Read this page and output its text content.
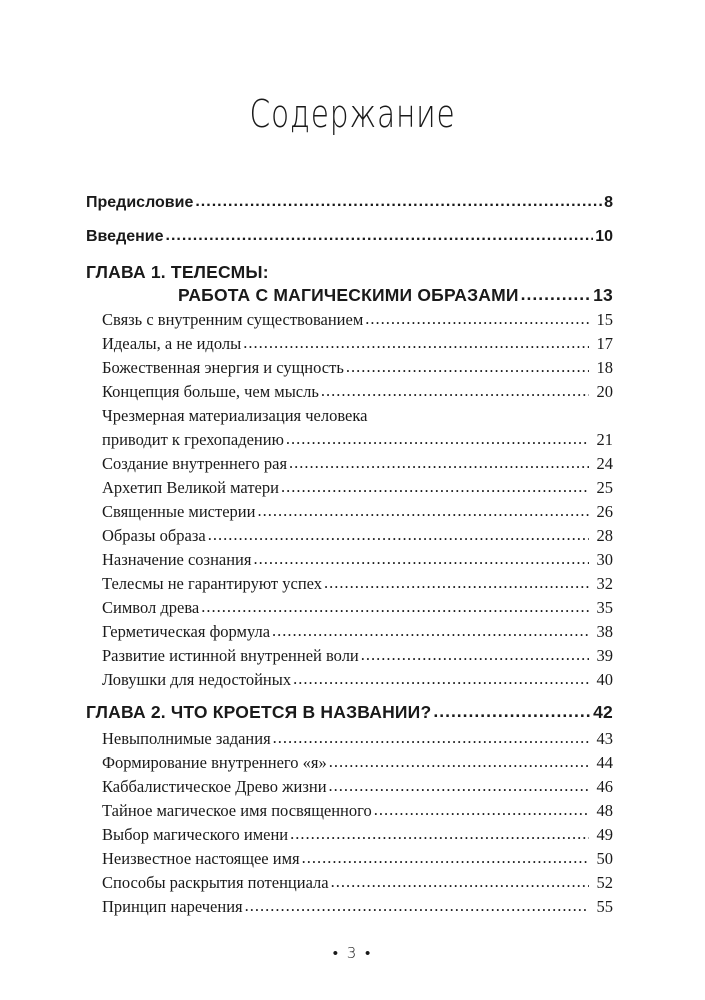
Содержание
Предисловие .....	8
Введение .....	10
ГЛАВА 1. ТЕЛЕСМЫ:
РАБОТА С МАГИЧЕСКИМИ ОБРАЗАМИ .....	13
Связь с внутренним существованием .....	15
Идеалы, а не идолы .....	17
Божественная энергия и сущность .....	18
Концепция больше, чем мысль .....	20
Чрезмерная материализация человека
приводит к грехопадению .....	21
Создание внутреннего рая .....	24
Архетип Великой матери .....	25
Священные мистерии .....	26
Образы образа .....	28
Назначение сознания .....	30
Телесмы не гарантируют успех .....	32
Символ древа .....	35
Герметическая формула .....	38
Развитие истинной внутренней воли .....	39
Ловушки для недостойных .....	40
ГЛАВА 2. ЧТО КРОЕТСЯ В НАЗВАНИИ? .....	42
Невыполнимые задания .....	43
Формирование внутреннего «я» .....	44
Каббалистическое Древо жизни .....	46
Тайное магическое имя посвященного .....	48
Выбор магического имени .....	49
Неизвестное настоящее имя .....	50
Способы раскрытия потенциала .....	52
Принцип наречения .....	55
• 3 •
